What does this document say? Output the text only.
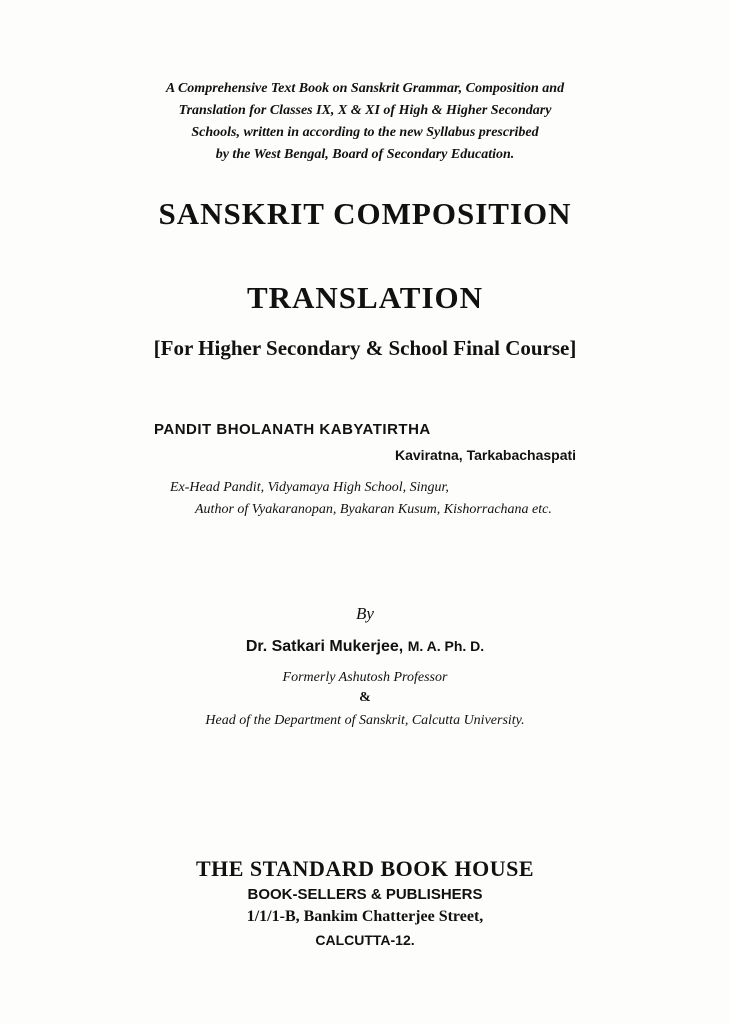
A Comprehensive Text Book on Sanskrit Grammar, Composition and
Translation for Classes IX, X & XI of High & Higher Secondary
Schools, written in according to the new Syllabus prescribed
by the West Bengal, Board of Secondary Education.
SANSKRIT COMPOSITION
TRANSLATION
[For Higher Secondary & School Final Course]
PANDIT BHOLANATH KABYATIRTHA
Kaviratna, Tarkabachaspati
Ex-Head Pandit, Vidyamaya High School, Singur,
Author of Vyakaranopan, Byakaran Kusum, Kishorrachana etc.
By
Dr. Satkari Mukerjee, M. A. Ph. D.
Formerly Ashutosh Professor
&
Head of the Department of Sanskrit, Calcutta University.
THE STANDARD BOOK HOUSE
BOOK-SELLERS & PUBLISHERS
1/1/1-B, Bankim Chatterjee Street,
CALCUTTA-12.
